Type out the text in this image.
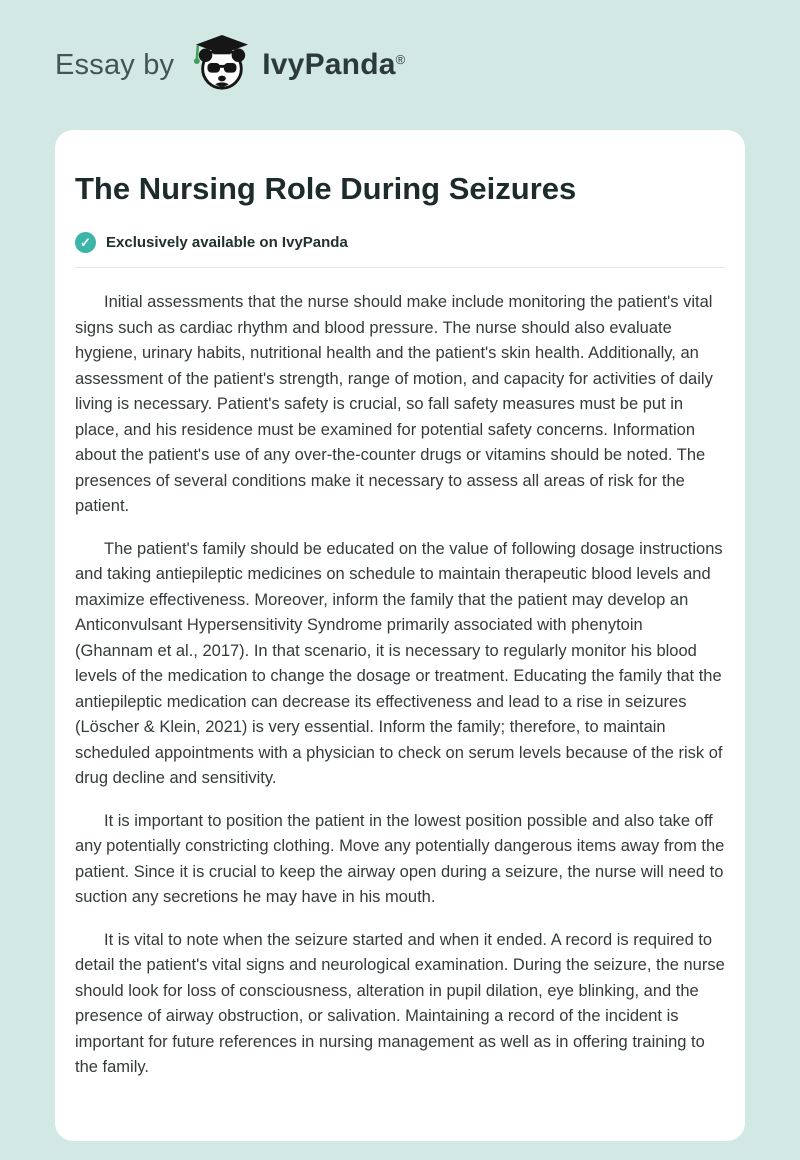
Essay by	IvyPanda®
The Nursing Role During Seizures
✓	Exclusively available on IvyPanda

Initial assessments that the nurse should make include monitoring the patient's vital signs such as cardiac rhythm and blood pressure. The nurse should also evaluate hygiene, urinary habits, nutritional health and the patient's skin health. Additionally, an assessment of the patient's strength, range of motion, and capacity for activities of daily living is necessary. Patient's safety is crucial, so fall safety measures must be put in place, and his residence must be examined for potential safety concerns. Information about the patient's use of any over-the-counter drugs or vitamins should be noted. The presences of several conditions make it necessary to assess all areas of risk for the patient.

The patient's family should be educated on the value of following dosage instructions and taking antiepileptic medicines on schedule to maintain therapeutic blood levels and maximize effectiveness. Moreover, inform the family that the patient may develop an Anticonvulsant Hypersensitivity Syndrome primarily associated with phenytoin (Ghannam et al., 2017). In that scenario, it is necessary to regularly monitor his blood levels of the medication to change the dosage or treatment. Educating the family that the antiepileptic medication can decrease its effectiveness and lead to a rise in seizures (Löscher & Klein, 2021) is very essential. Inform the family; therefore, to maintain scheduled appointments with a physician to check on serum levels because of the risk of drug decline and sensitivity.

It is important to position the patient in the lowest position possible and also take off any potentially constricting clothing. Move any potentially dangerous items away from the patient. Since it is crucial to keep the airway open during a seizure, the nurse will need to suction any secretions he may have in his mouth.

It is vital to note when the seizure started and when it ended. A record is required to detail the patient's vital signs and neurological examination. During the seizure, the nurse should look for loss of consciousness, alteration in pupil dilation, eye blinking, and the presence of airway obstruction, or salivation. Maintaining a record of the incident is important for future references in nursing management as well as in offering training to the family.
